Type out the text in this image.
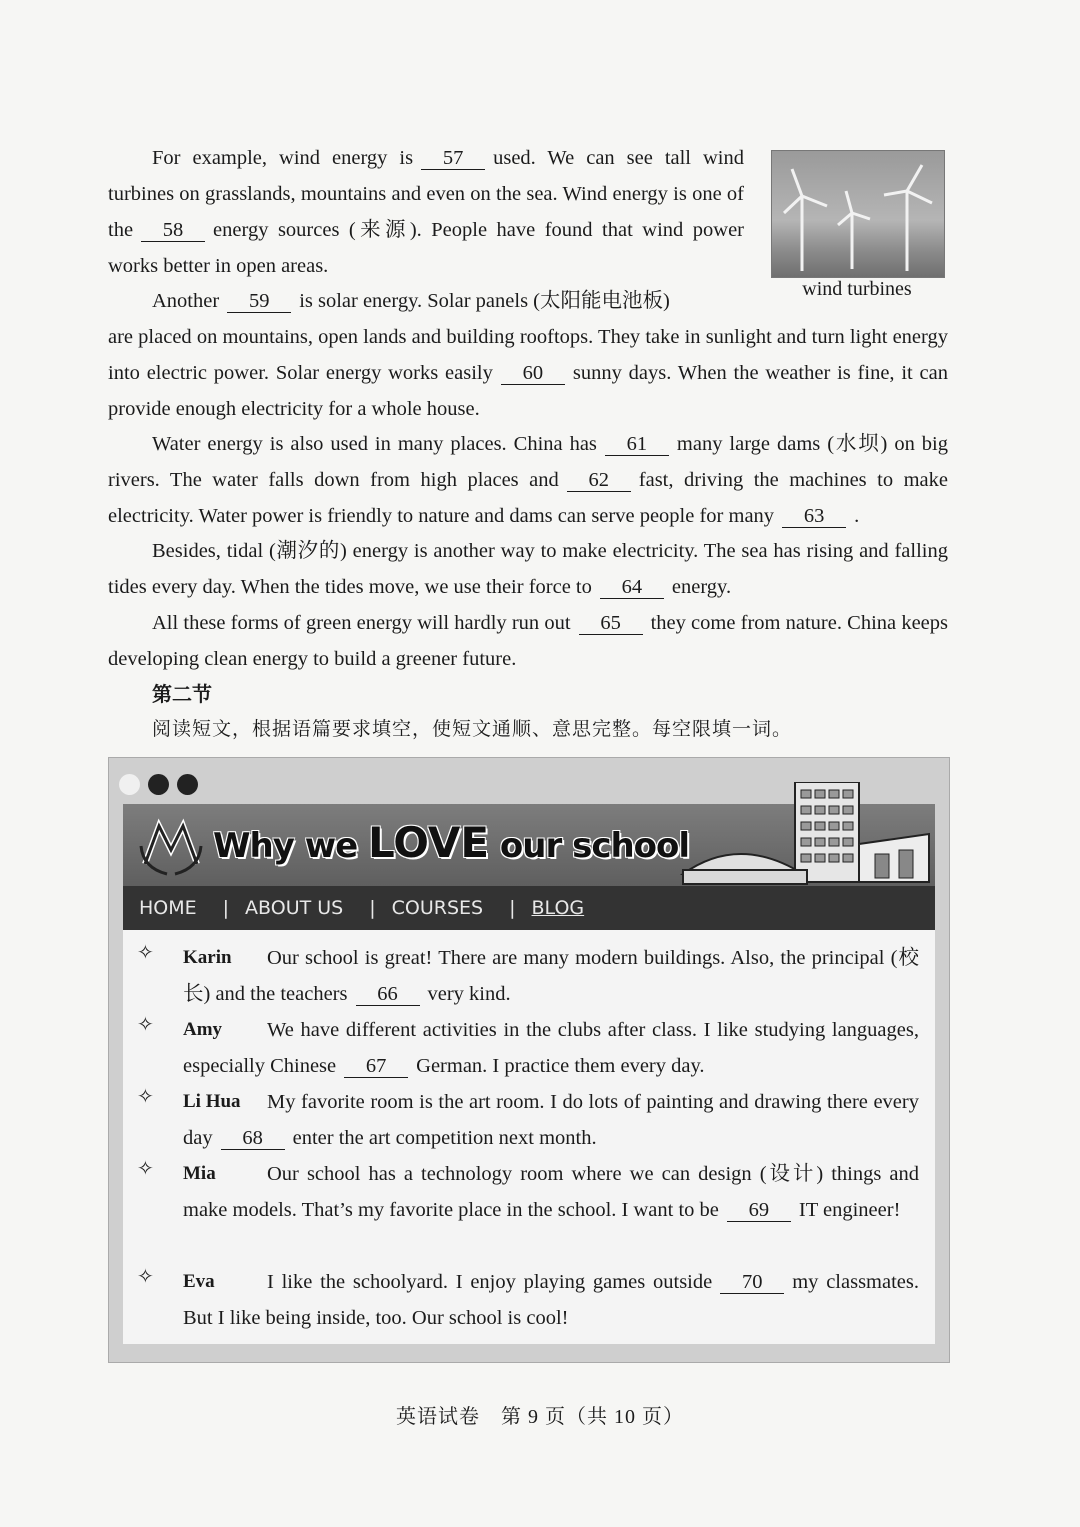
For example, wind energy is 57 used. We can see tall wind turbines on grasslands, mountains and even on the sea. Wind energy is one of the 58 energy sources (来源). People have found that wind power works better in open areas.
Another 59 is solar energy. Solar panels (太阳能电池板)
wind turbines
are placed on mountains, open lands and building rooftops. They take in sunlight and turn light energy into electric power. Solar energy works easily 60 sunny days. When the weather is fine, it can provide enough electricity for a whole house.
Water energy is also used in many places. China has 61 many large dams (水坝) on big rivers. The water falls down from high places and 62 fast, driving the machines to make electricity. Water power is friendly to nature and dams can serve people for many 63 .
Besides, tidal (潮汐的) energy is another way to make electricity. The sea has rising and falling tides every day. When the tides move, we use their force to 64 energy.
All these forms of green energy will hardly run out 65 they come from nature. China keeps developing clean energy to build a greener future.
第二节
阅读短文，根据语篇要求填空，使短文通顺、意思完整。每空限填一词。
Why we LOVE our school
HOME	| ABOUT US	| COURSES	| BLOG
✧ Karin	Our school is great! There are many modern buildings. Also, the principal (校长) and the teachers 66 very kind.
✧ Amy	We have different activities in the clubs after class. I like studying languages, especially Chinese 67 German. I practice them every day.
✧ Li Hua	My favorite room is the art room. I do lots of painting and drawing there every day 68 enter the art competition next month.
✧ Mia	Our school has a technology room where we can design (设计) things and make models. That’s my favorite place in the school. I want to be 69 IT engineer!
✧ Eva	I like the schoolyard. I enjoy playing games outside 70 my classmates. But I like being inside, too. Our school is cool!
英语试卷　第 9 页（共 10 页）
